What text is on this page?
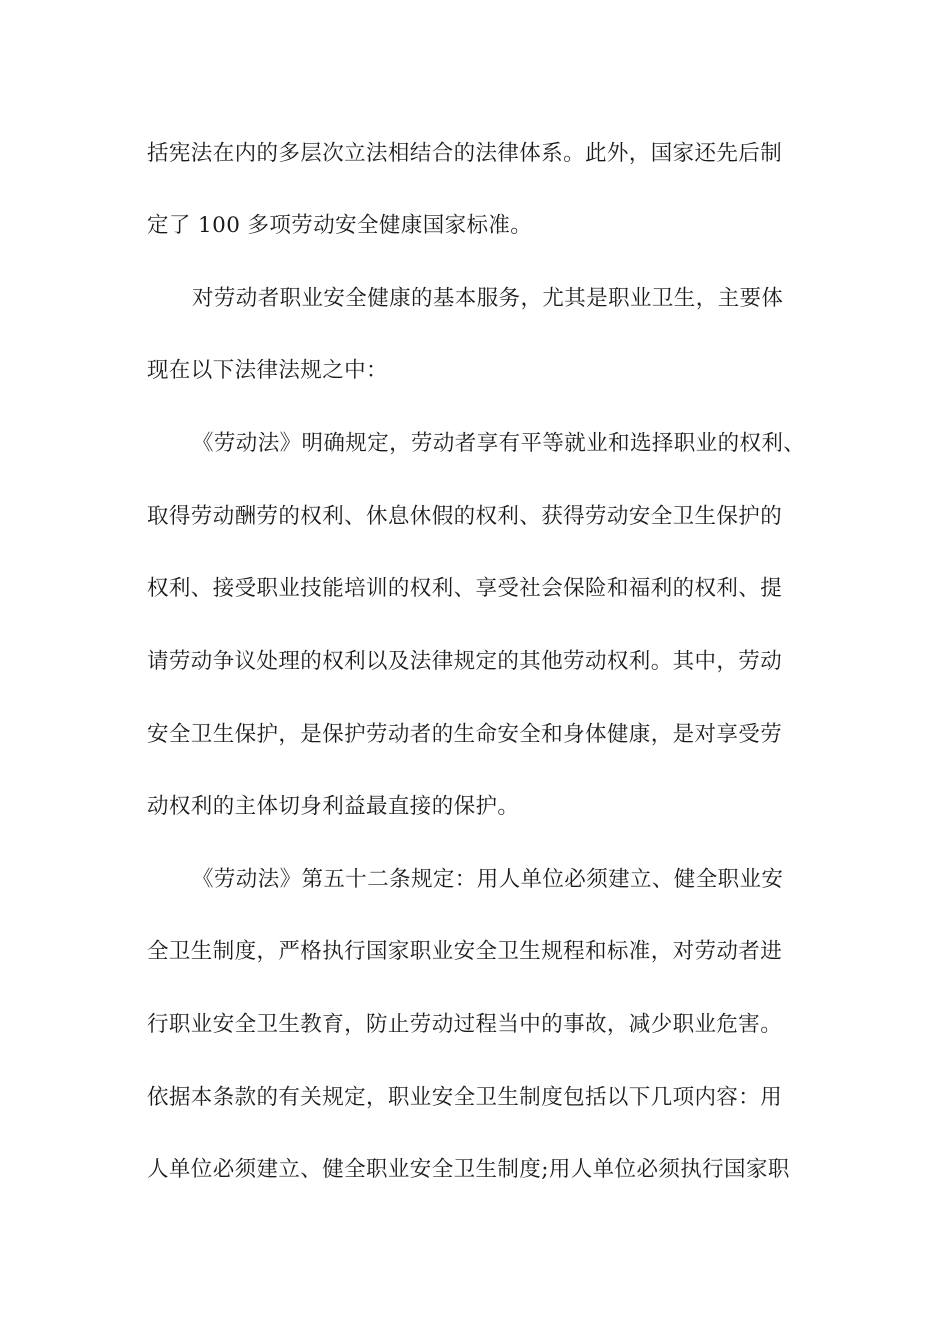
括宪法在内的多层次立法相结合的法律体系。此外，国家还先后制
定了 100 多项劳动安全健康国家标准。
对劳动者职业安全健康的基本服务，尤其是职业卫生，主要体
现在以下法律法规之中：
《劳动法》明确规定，劳动者享有平等就业和选择职业的权利、
取得劳动酬劳的权利、休息休假的权利、获得劳动安全卫生保护的
权利、接受职业技能培训的权利、享受社会保险和福利的权利、提
请劳动争议处理的权利以及法律规定的其他劳动权利。其中，劳动
安全卫生保护，是保护劳动者的生命安全和身体健康，是对享受劳
动权利的主体切身利益最直接的保护。
《劳动法》第五十二条规定：用人单位必须建立、健全职业安
全卫生制度，严格执行国家职业安全卫生规程和标准，对劳动者进
行职业安全卫生教育，防止劳动过程当中的事故，减少职业危害。
依据本条款的有关规定，职业安全卫生制度包括以下几项内容：用
人单位必须建立、健全职业安全卫生制度;用人单位必须执行国家职
